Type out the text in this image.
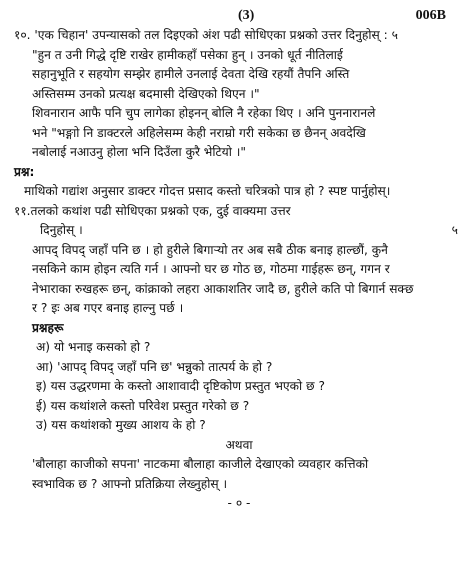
(3)	006B
१०. 'एक चिहान' उपन्यासको तल दिइएको अंश पढी सोधिएका प्रश्नको उत्तर दिनुहोस् : ५
"हुन त उनी गिद्धे दृष्टि राखेर हामीकहाँ पसेका हुन् । उनको धूर्त नीतिलाई
सहानुभूति र सहयोग सम्झेर हामीले उनलाई देवता देखि रहयौं तैपनि अस्ति
अस्तिसम्म उनको प्रत्यक्ष बदमासी देखिएको थिएन ।"
शिवनारान आफै पनि चुप लागेका होइनन् बोलि नै रहेका थिए । अनि पुननारानले
भने "भङ्गाो नि डाक्टरले अहिलेसम्म केही नराम्रो गरी सकेका छ छैनन् अवदेखि
नबोलाई नआउनु होला भनि दिउँला कुरै भेटियो ।"
प्रश्न:
माथिको गद्यांश अनुसार डाक्टर गोदत्त प्रसाद कस्तो चरित्रको पात्र हो ? स्पष्ट पार्नुहोस्।
११.तलको कथांश पढी सोधिएका प्रश्नको एक, दुई वाक्यमा उत्तर
दिनुहोस् ।	५
आपद् विपद् जहाँ पनि छ । हो हुरीले बिगाऱ्यो तर अब सबै ठीक बनाइ हाल्छौं, कुनै
नसकिने काम होइन त्यति गर्न । आफ्नो घर छ गोठ छ, गोठमा गाईहरू छन्, गगन र
नेभाराका रुखहरू छन्, कांक्राको लहरा आकाशतिर जादै छ, हुरीले कति पो बिगार्न सक्छ
र ? इः अब गएर बनाइ हाल्नु पर्छ ।
प्रश्नहरू
अ) यो भनाइ कसको हो ?
आ) 'आपद् विपद् जहाँ पनि छ' भन्नुको तात्पर्य के हो ?
इ) यस उद्धरणमा के कस्तो आशावादी दृष्टिकोण प्रस्तुत भएको छ ?
ई) यस कथांशले कस्तो परिवेश प्रस्तुत गरेको छ ?
उ) यस कथांशको मुख्य आशय के हो ?
अथवा
'बौलाहा काजीको सपना' नाटकमा बौलाहा काजीले देखाएको व्यवहार कत्तिको
स्वभाविक छ ? आफ्नो प्रतिक्रिया लेख्नुहोस् ।
- ० -
